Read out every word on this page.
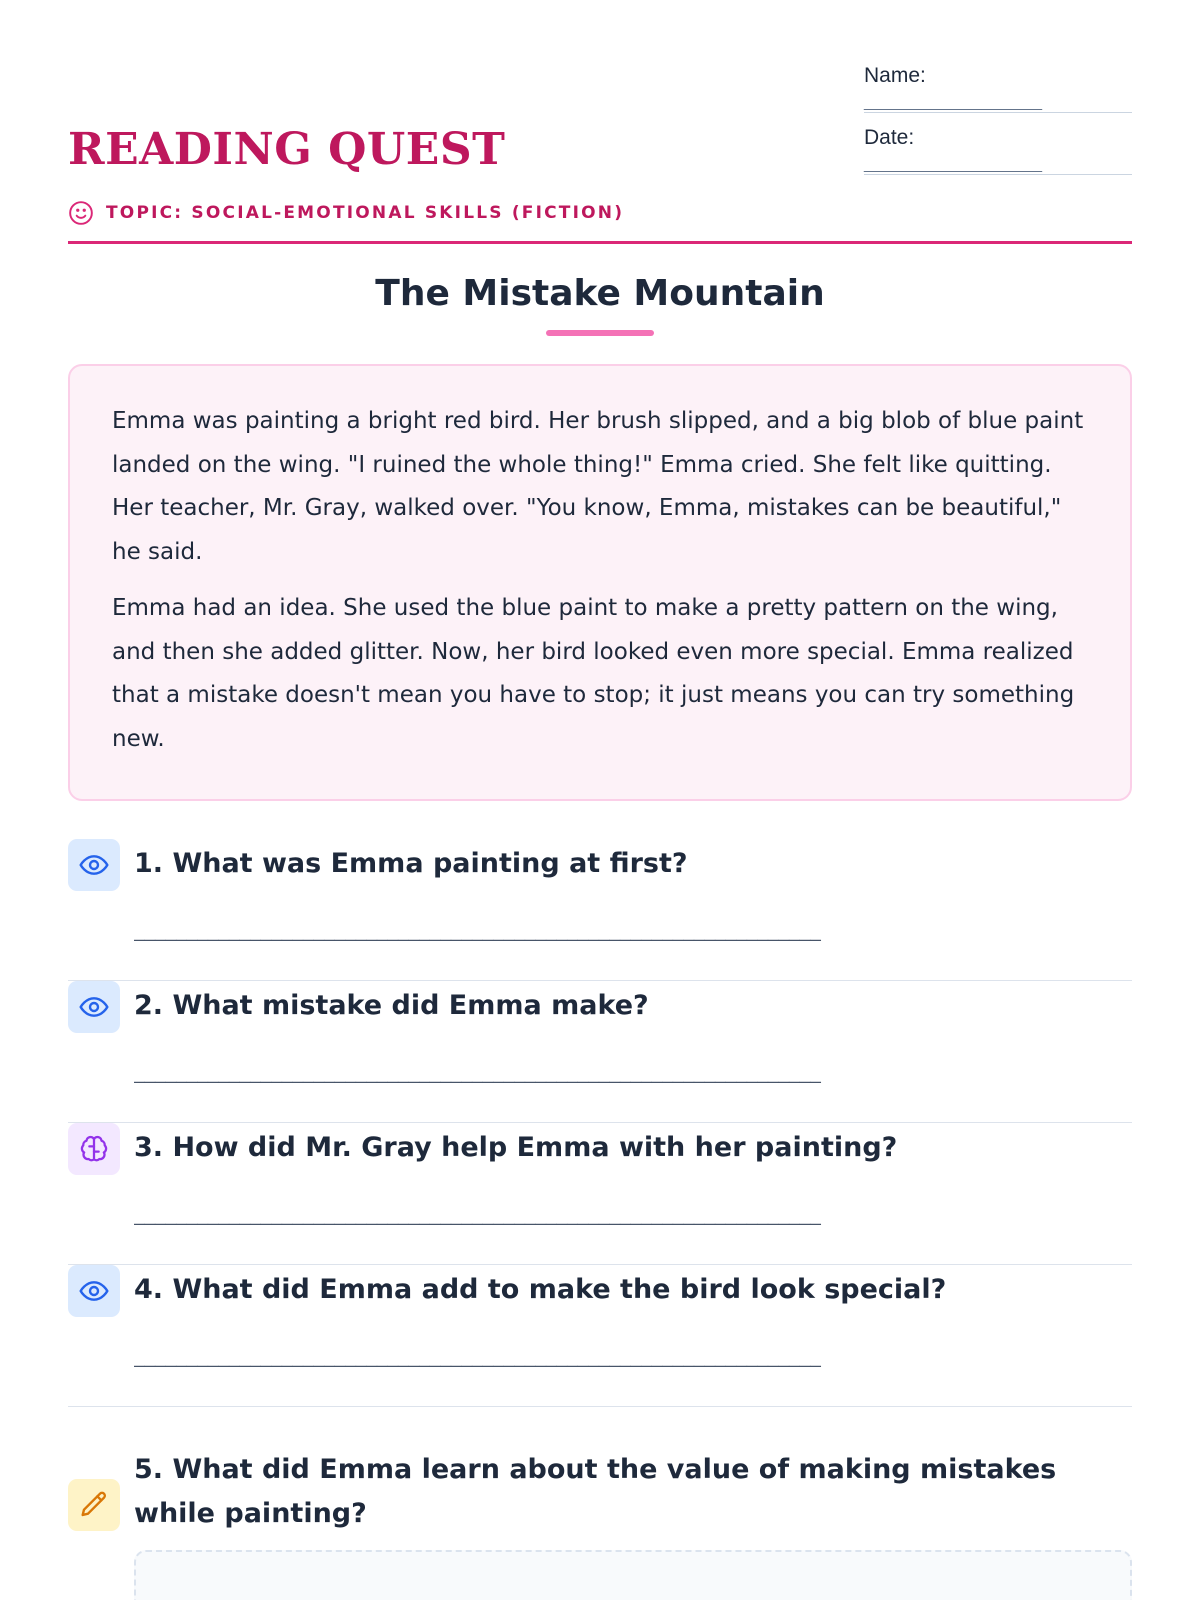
READING QUEST
TOPIC: SOCIAL-EMOTIONAL SKILLS (FICTION)
Name:
____________________
Date:
____________________
The Mistake Mountain

Emma was painting a bright red bird. Her brush slipped, and a big blob of blue paint landed on the wing. "I ruined the whole thing!" Emma cried. She felt like quitting. Her teacher, Mr. Gray, walked over. "You know, Emma, mistakes can be beautiful," he said.

Emma had an idea. She used the blue paint to make a pretty pattern on the wing, and then she added glitter. Now, her bird looked even more special. Emma realized that a mistake doesn't mean you have to stop; it just means you can try something new.

1. What was Emma painting at first?
_________________________________________________________________
2. What mistake did Emma make?
_________________________________________________________________
3. How did Mr. Gray help Emma with her painting?
_________________________________________________________________
4. What did Emma add to make the bird look special?
_________________________________________________________________
5. What did Emma learn about the value of making mistakes while painting?
